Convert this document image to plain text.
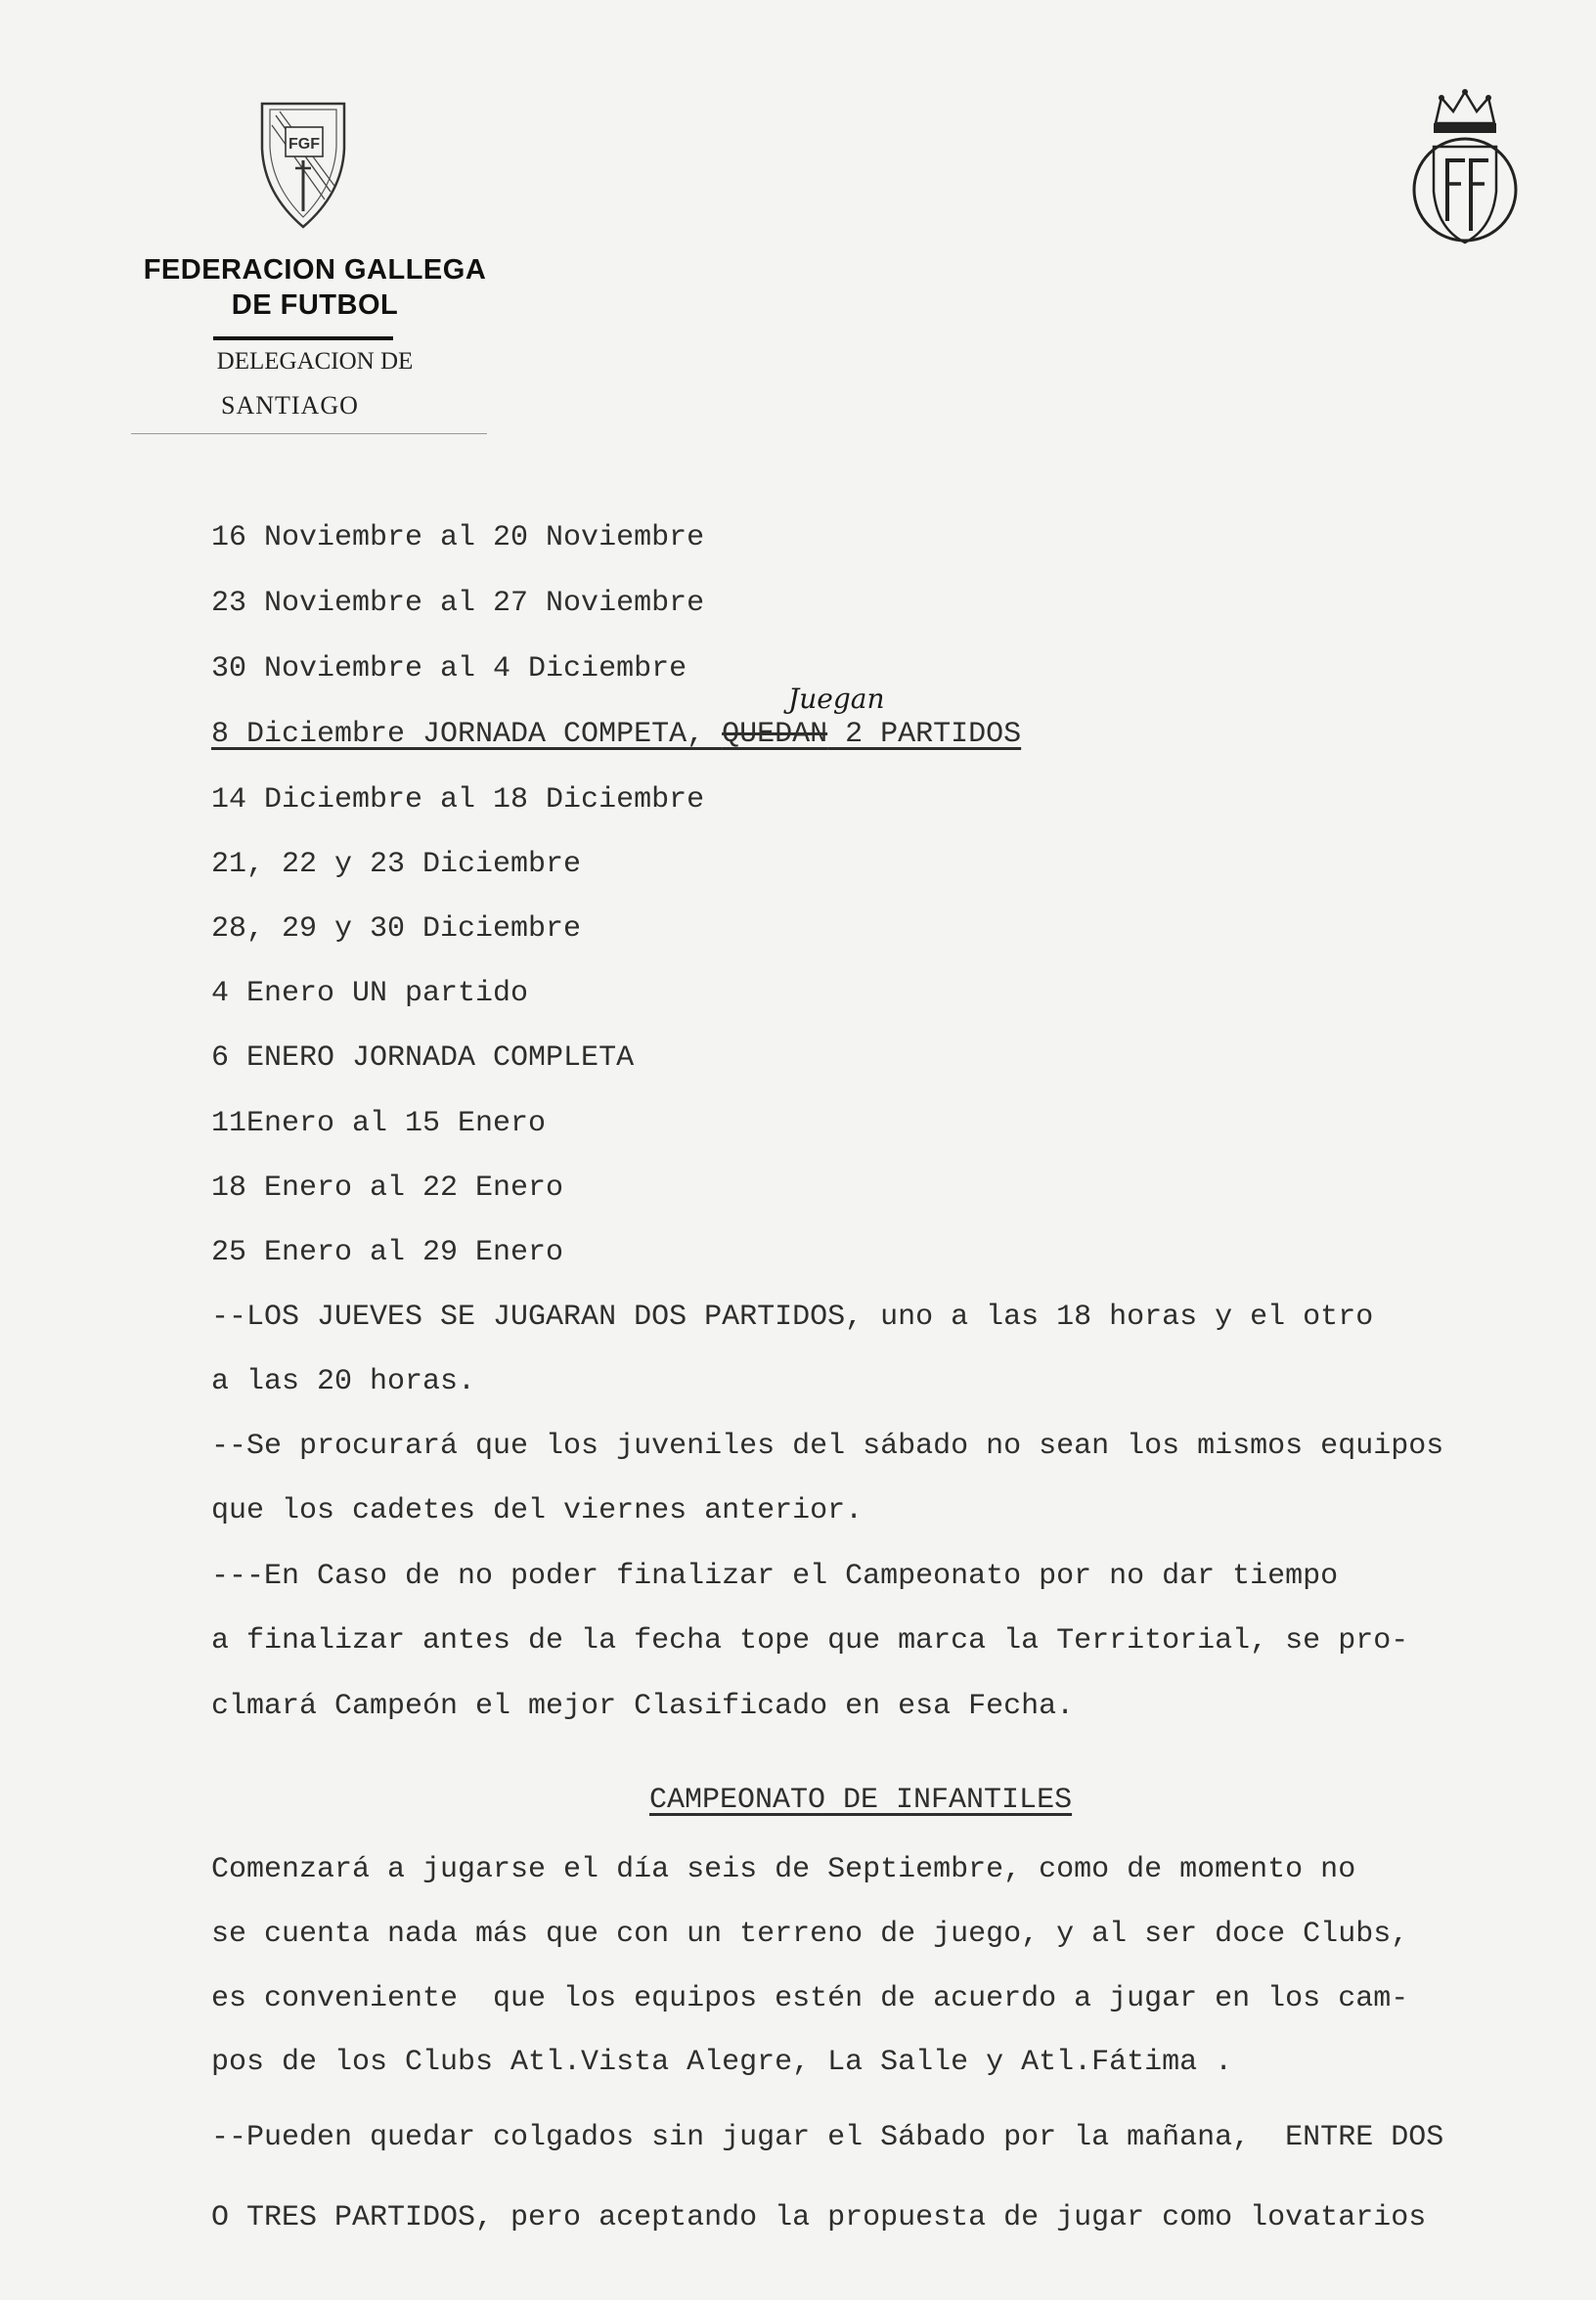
FGF
FEDERACION GALLEGA
DE FUTBOL
DELEGACION DE
SANTIAGO
16 Noviembre al 20 Noviembre
23 Noviembre al 27 Noviembre
30 Noviembre al 4 Diciembre
Juegan
8 Diciembre JORNADA COMPETA, QUEDAN 2 PARTIDOS
14 Diciembre al 18 Diciembre
21, 22 y 23 Diciembre
28, 29 y 30 Diciembre
4 Enero UN partido
6 ENERO JORNADA COMPLETA
11Enero al 15 Enero
18 Enero al 22 Enero
25 Enero al 29 Enero
--LOS JUEVES SE JUGARAN DOS PARTIDOS, uno a las 18 horas y el otro
a las 20 horas.
--Se procurará que los juveniles del sábado no sean los mismos equipos
que los cadetes del viernes anterior.
---En Caso de no poder finalizar el Campeonato por no dar tiempo
a finalizar antes de la fecha tope que marca la Territorial, se pro-
clmará Campeón el mejor Clasificado en esa Fecha.
CAMPEONATO DE INFANTILES
Comenzará a jugarse el día seis de Septiembre, como de momento no
se cuenta nada más que con un terreno de juego, y al ser doce Clubs,
es conveniente  que los equipos estén de acuerdo a jugar en los cam-
pos de los Clubs Atl.Vista Alegre, La Salle y Atl.Fátima .
--Pueden quedar colgados sin jugar el Sábado por la mañana,  ENTRE DOS
O TRES PARTIDOS, pero aceptando la propuesta de jugar como lovatarios
